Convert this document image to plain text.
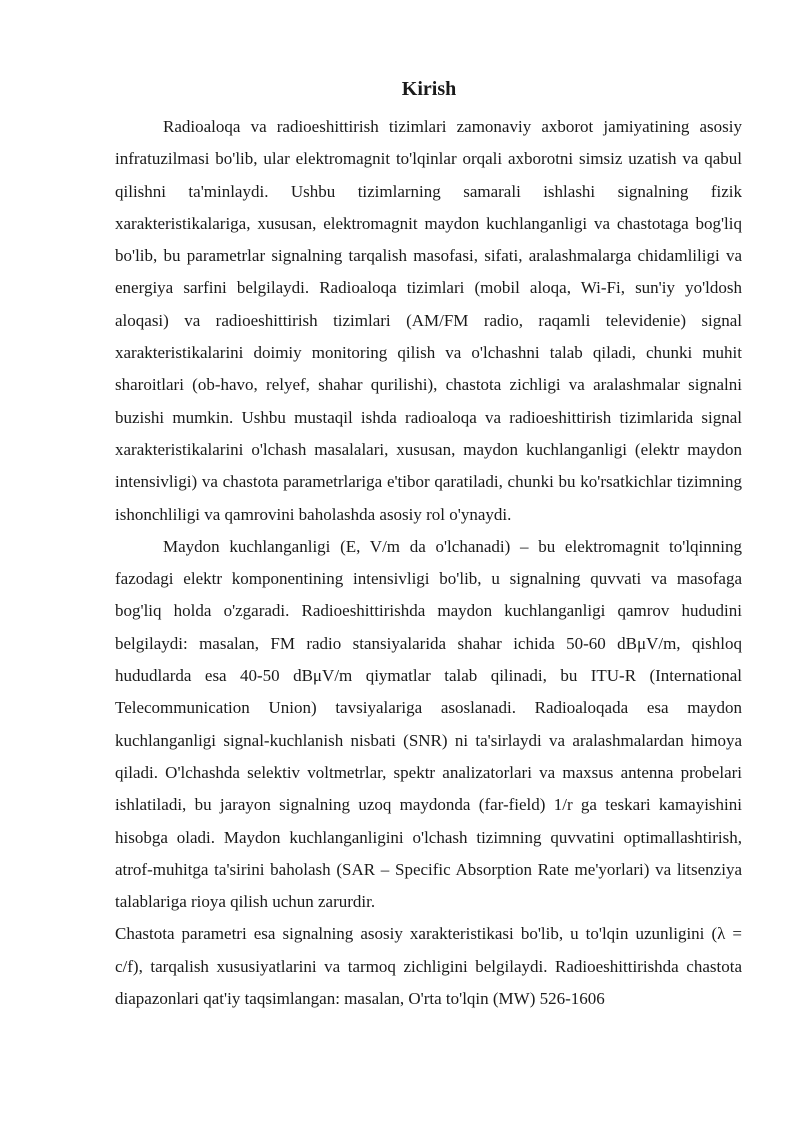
Kirish

Radioaloqa va radioeshittirish tizimlari zamonaviy axborot jamiyatining asosiy infratuzilmasi bo'lib, ular elektromagnit to'lqinlar orqali axborotni simsiz uzatish va qabul qilishni ta'minlaydi. Ushbu tizimlarning samarali ishlashi signalning fizik xarakteristikalariga, xususan, elektromagnit maydon kuchlanganligi va chastotaga bog'liq bo'lib, bu parametrlar signalning tarqalish masofasi, sifati, aralashmalarga chidamliligi va energiya sarfini belgilaydi. Radioaloqa tizimlari (mobil aloqa, Wi-Fi, sun'iy yo'ldosh aloqasi) va radioeshittirish tizimlari (AM/FM radio, raqamli televidenie) signal xarakteristikalarini doimiy monitoring qilish va o'lchashni talab qiladi, chunki muhit sharoitlari (ob-havo, relyef, shahar qurilishi), chastota zichligi va aralashmalar signalni buzishi mumkin. Ushbu mustaqil ishda radioaloqa va radioeshittirish tizimlarida signal xarakteristikalarini o'lchash masalalari, xususan, maydon kuchlanganligi (elektr maydon intensivligi) va chastota parametrlariga e'tibor qaratiladi, chunki bu ko'rsatkichlar tizimning ishonchliligi va qamrovini baholashda asosiy rol o'ynaydi.

Maydon kuchlanganligi (E, V/m da o'lchanadi) – bu elektromagnit to'lqinning fazodagi elektr komponentining intensivligi bo'lib, u signalning quvvati va masofaga bog'liq holda o'zgaradi. Radioeshittirishda maydon kuchlanganligi qamrov hududini belgilaydi: masalan, FM radio stansiyalarida shahar ichida 50-60 dBμV/m, qishloq hududlarda esa 40-50 dBμV/m qiymatlar talab qilinadi, bu ITU-R (International Telecommunication Union) tavsiyalariga asoslanadi. Radioaloqada esa maydon kuchlanganligi signal-kuchlanish nisbati (SNR) ni ta'sirlaydi va aralashmalardan himoya qiladi. O'lchashda selektiv voltmetrlar, spektr analizatorlari va maxsus antenna probelari ishlatiladi, bu jarayon signalning uzoq maydonda (far-field) 1/r ga teskari kamayishini hisobga oladi. Maydon kuchlanganligini o'lchash tizimning quvvatini optimallashtirish, atrof-muhitga ta'sirini baholash (SAR – Specific Absorption Rate me'yorlari) va litsenziya talablariga rioya qilish uchun zarurdir.

Chastota parametri esa signalning asosiy xarakteristikasi bo'lib, u to'lqin uzunligini (λ = c/f), tarqalish xususiyatlarini va tarmoq zichligini belgilaydi. Radioeshittirishda chastota diapazonlari qat'iy taqsimlangan: masalan, O'rta to'lqin (MW) 526-1606
